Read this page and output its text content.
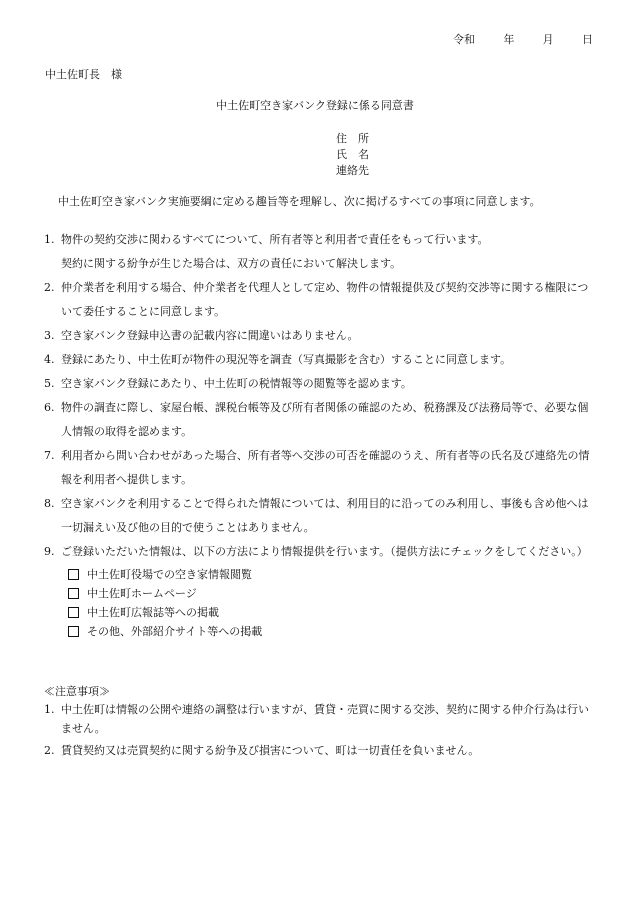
令和	年	月	日
中土佐町長　様
中土佐町空き家バンク登録に係る同意書
住　所
氏　名
連絡先
中土佐町空き家バンク実施要綱に定める趣旨等を理解し、次に掲げるすべての事項に同意します。
1. 物件の契約交渉に関わるすべてについて、所有者等と利用者で責任をもって行います。
契約に関する紛争が生じた場合は、双方の責任において解決します。
2. 仲介業者を利用する場合、仲介業者を代理人として定め、物件の情報提供及び契約交渉等に関する権限について委任することに同意します。
3. 空き家バンク登録申込書の記載内容に間違いはありません。
4. 登録にあたり、中土佐町が物件の現況等を調査（写真撮影を含む）することに同意します。
5. 空き家バンク登録にあたり、中土佐町の税情報等の閲覧等を認めます。
6. 物件の調査に際し、家屋台帳、課税台帳等及び所有者関係の確認のため、税務課及び法務局等で、必要な個人情報の取得を認めます。
7. 利用者から問い合わせがあった場合、所有者等へ交渉の可否を確認のうえ、所有者等の氏名及び連絡先の情報を利用者へ提供します。
8. 空き家バンクを利用することで得られた情報については、利用目的に沿ってのみ利用し、事後も含め他へは一切漏えい及び他の目的で使うことはありません。
9. ご登録いただいた情報は、以下の方法により情報提供を行います。（提供方法にチェックをしてください。）
中土佐町役場での空き家情報閲覧
中土佐町ホームページ
中土佐町広報誌等への掲載
その他、外部紹介サイト等への掲載
≪注意事項≫
1. 中土佐町は情報の公開や連絡の調整は行いますが、賃貸・売買に関する交渉、契約に関する仲介行為は行いません。
2. 賃貸契約又は売買契約に関する紛争及び損害について、町は一切責任を負いません。
